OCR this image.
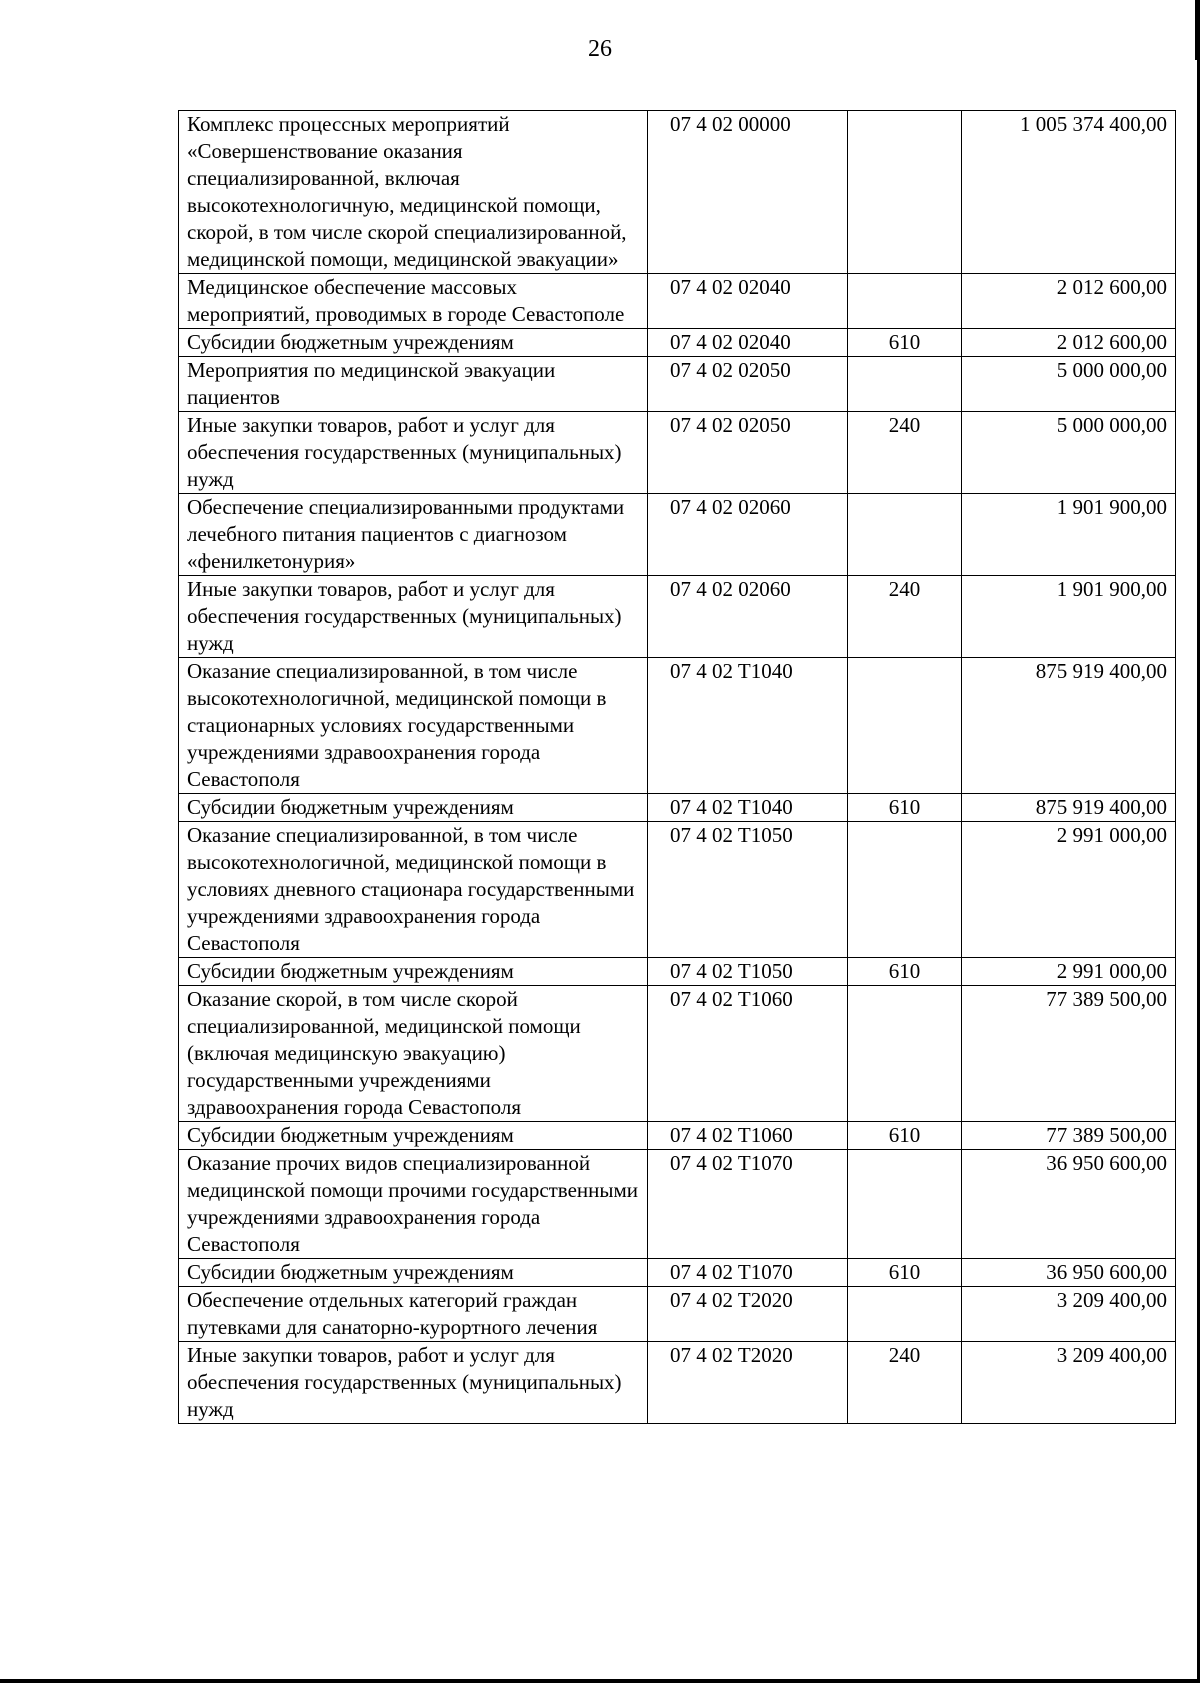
26
Комплекс процессных мероприятий «Совершенствование оказания специализированной, включая высокотехнологичную, медицинской помощи, скорой, в том числе скорой специализированной, медицинской помощи, медицинской эвакуации»	07 4 02 00000		1 005 374 400,00
Медицинское обеспечение массовых мероприятий, проводимых в городе Севастополе	07 4 02 02040		2 012 600,00
Субсидии бюджетным учреждениям	07 4 02 02040	610	2 012 600,00
Мероприятия по медицинской эвакуации пациентов	07 4 02 02050		5 000 000,00
Иные закупки товаров, работ и услуг для обеспечения государственных (муниципальных) нужд	07 4 02 02050	240	5 000 000,00
Обеспечение специализированными продуктами лечебного питания пациентов с диагнозом «фенилкетонурия»	07 4 02 02060		1 901 900,00
Иные закупки товаров, работ и услуг для обеспечения государственных (муниципальных) нужд	07 4 02 02060	240	1 901 900,00
Оказание специализированной, в том числе высокотехнологичной, медицинской помощи в стационарных условиях государственными учреждениями здравоохранения города Севастополя	07 4 02 T1040		875 919 400,00
Субсидии бюджетным учреждениям	07 4 02 T1040	610	875 919 400,00
Оказание специализированной, в том числе высокотехнологичной, медицинской помощи в условиях дневного стационара государственными учреждениями здравоохранения города Севастополя	07 4 02 T1050		2 991 000,00
Субсидии бюджетным учреждениям	07 4 02 T1050	610	2 991 000,00
Оказание скорой, в том числе скорой специализированной, медицинской помощи (включая медицинскую эвакуацию) государственными учреждениями здравоохранения города Севастополя	07 4 02 T1060		77 389 500,00
Субсидии бюджетным учреждениям	07 4 02 T1060	610	77 389 500,00
Оказание прочих видов специализированной медицинской помощи прочими государственными учреждениями здравоохранения города Севастополя	07 4 02 T1070		36 950 600,00
Субсидии бюджетным учреждениям	07 4 02 T1070	610	36 950 600,00
Обеспечение отдельных категорий граждан путевками для санаторно-курортного лечения	07 4 02 T2020		3 209 400,00
Иные закупки товаров, работ и услуг для обеспечения государственных (муниципальных) нужд	07 4 02 T2020	240	3 209 400,00
